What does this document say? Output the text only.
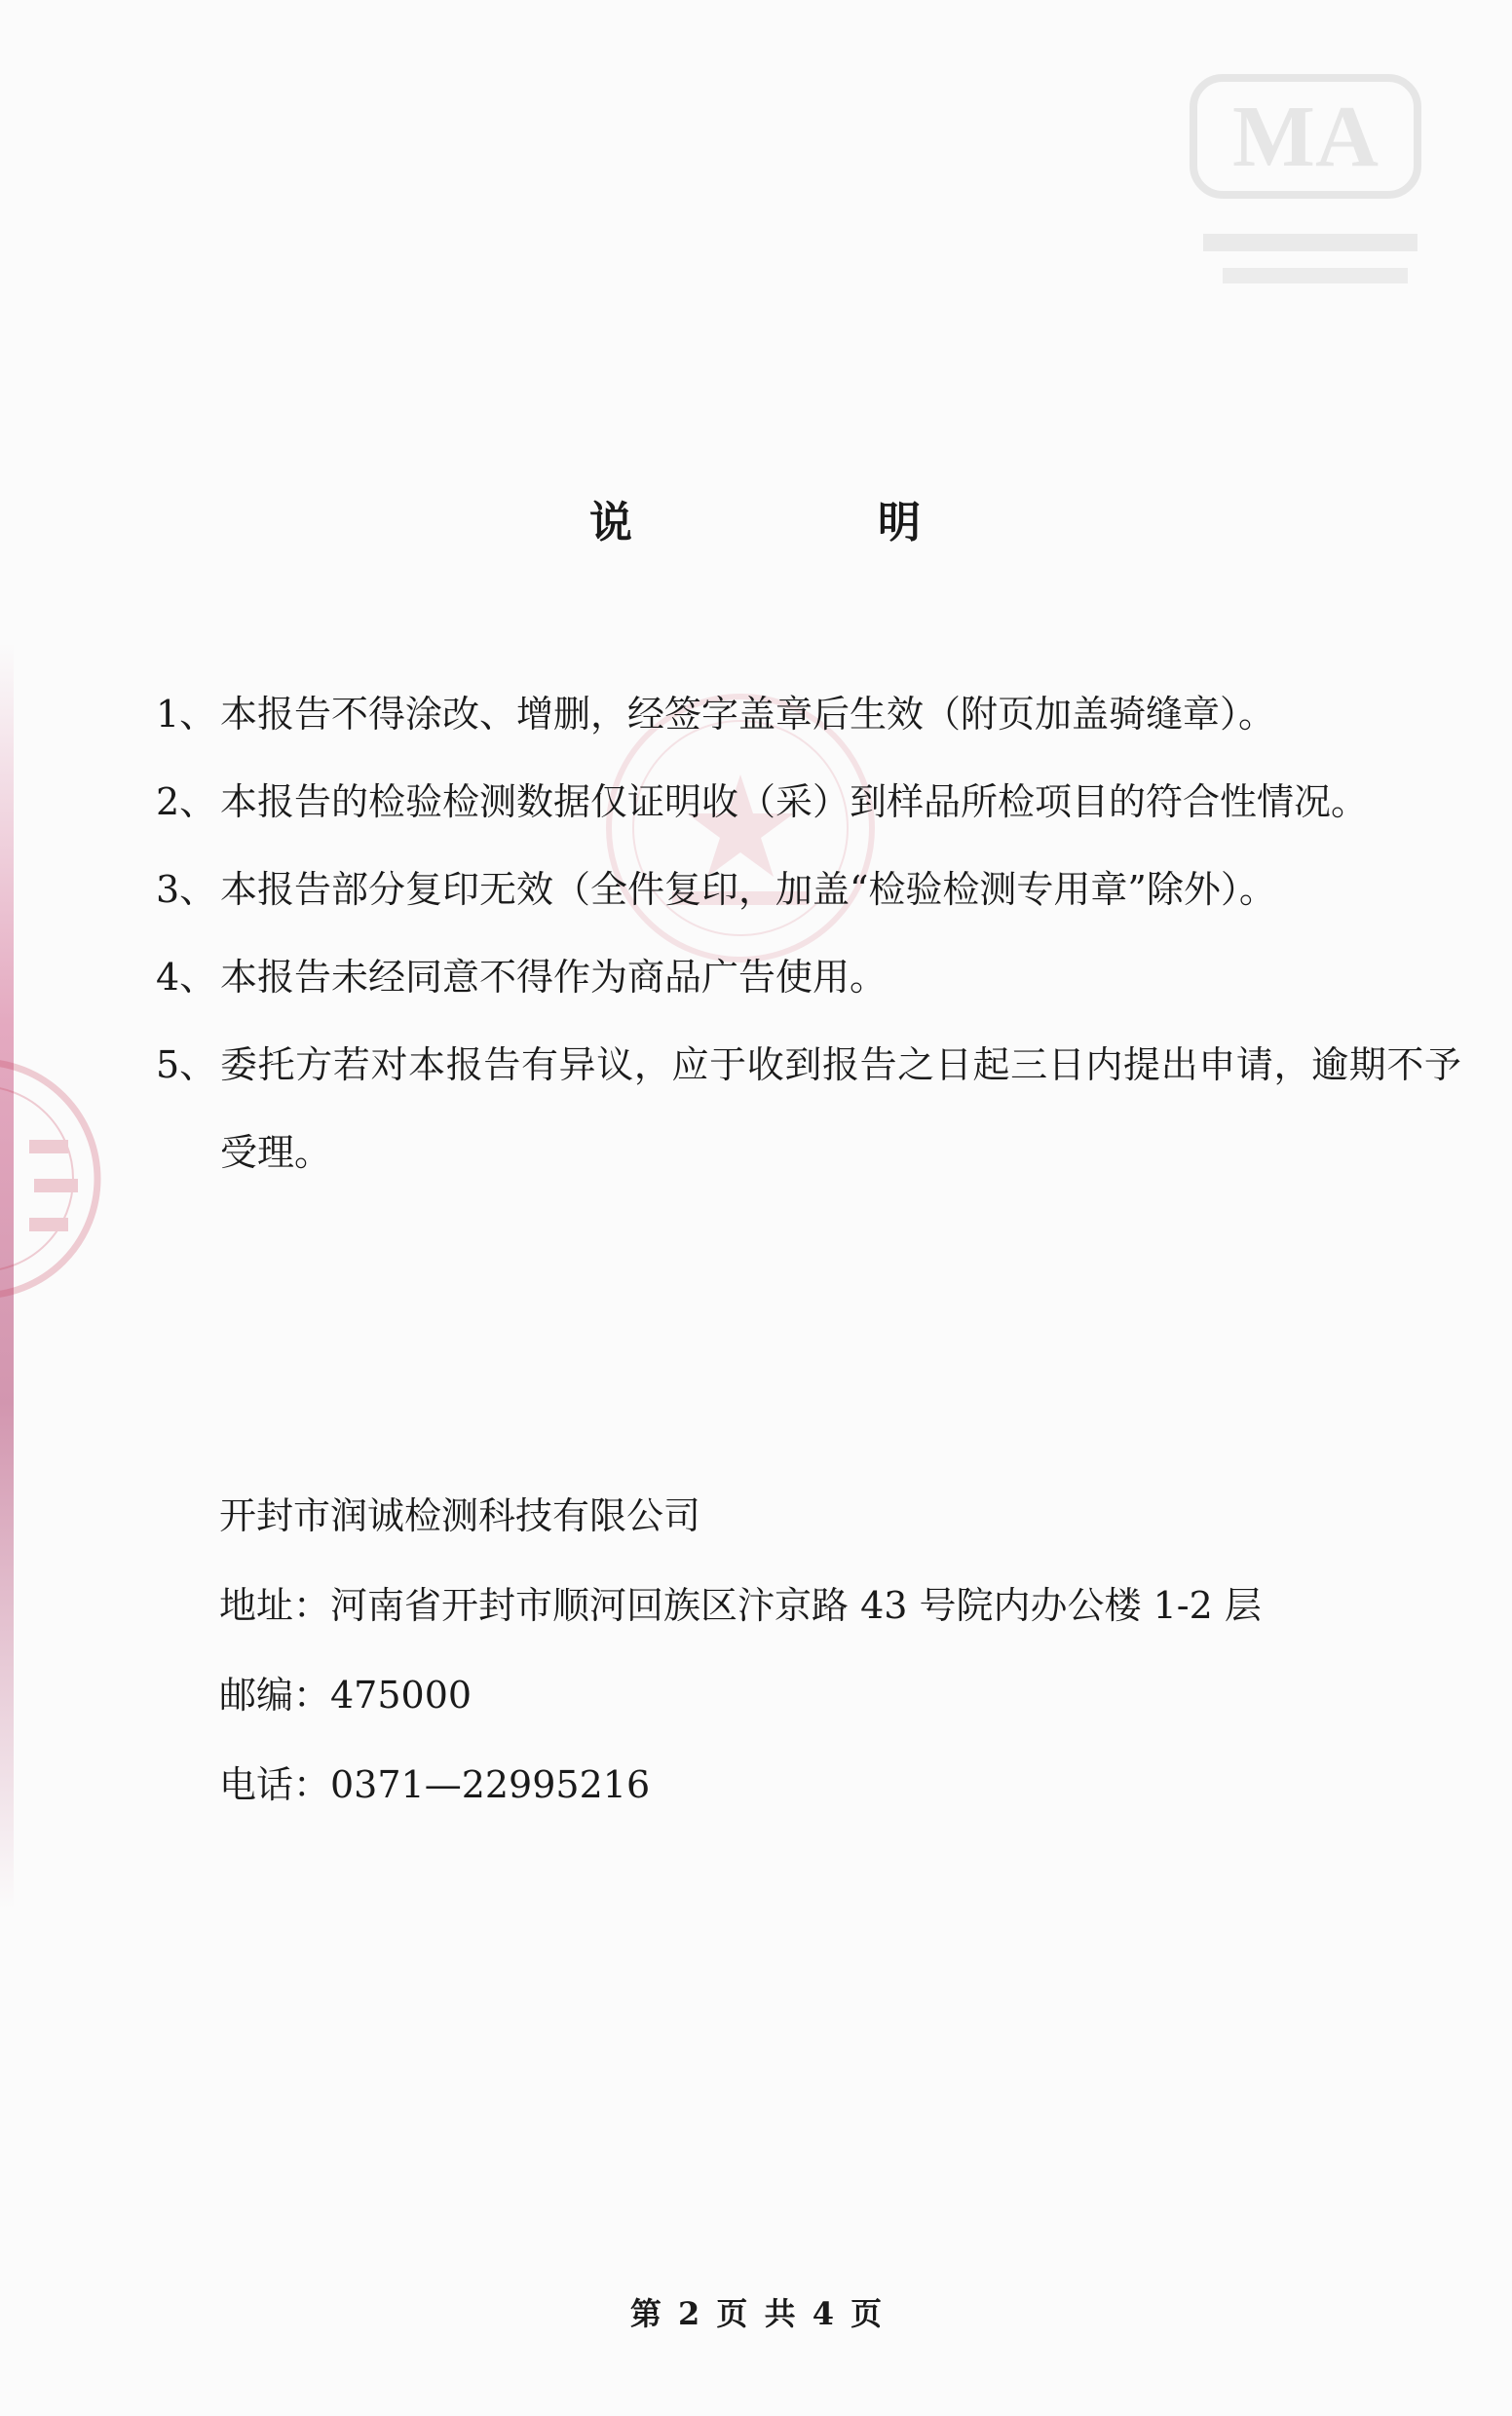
MA
说	明
1、 本报告不得涂改、增删，经签字盖章后生效（附页加盖骑缝章）。
2、 本报告的检验检测数据仅证明收（采）到样品所检项目的符合性情况。
3、 本报告部分复印无效（全件复印，加盖“检验检测专用章”除外）。
4、 本报告未经同意不得作为商品广告使用。
5、 委托方若对本报告有异议，应于收到报告之日起三日内提出申请，逾期不予受理。
开封市润诚检测科技有限公司
地址：河南省开封市顺河回族区汴京路 43 号院内办公楼 1-2 层
邮编：475000
电话：0371—22995216
第 2 页 共 4 页
